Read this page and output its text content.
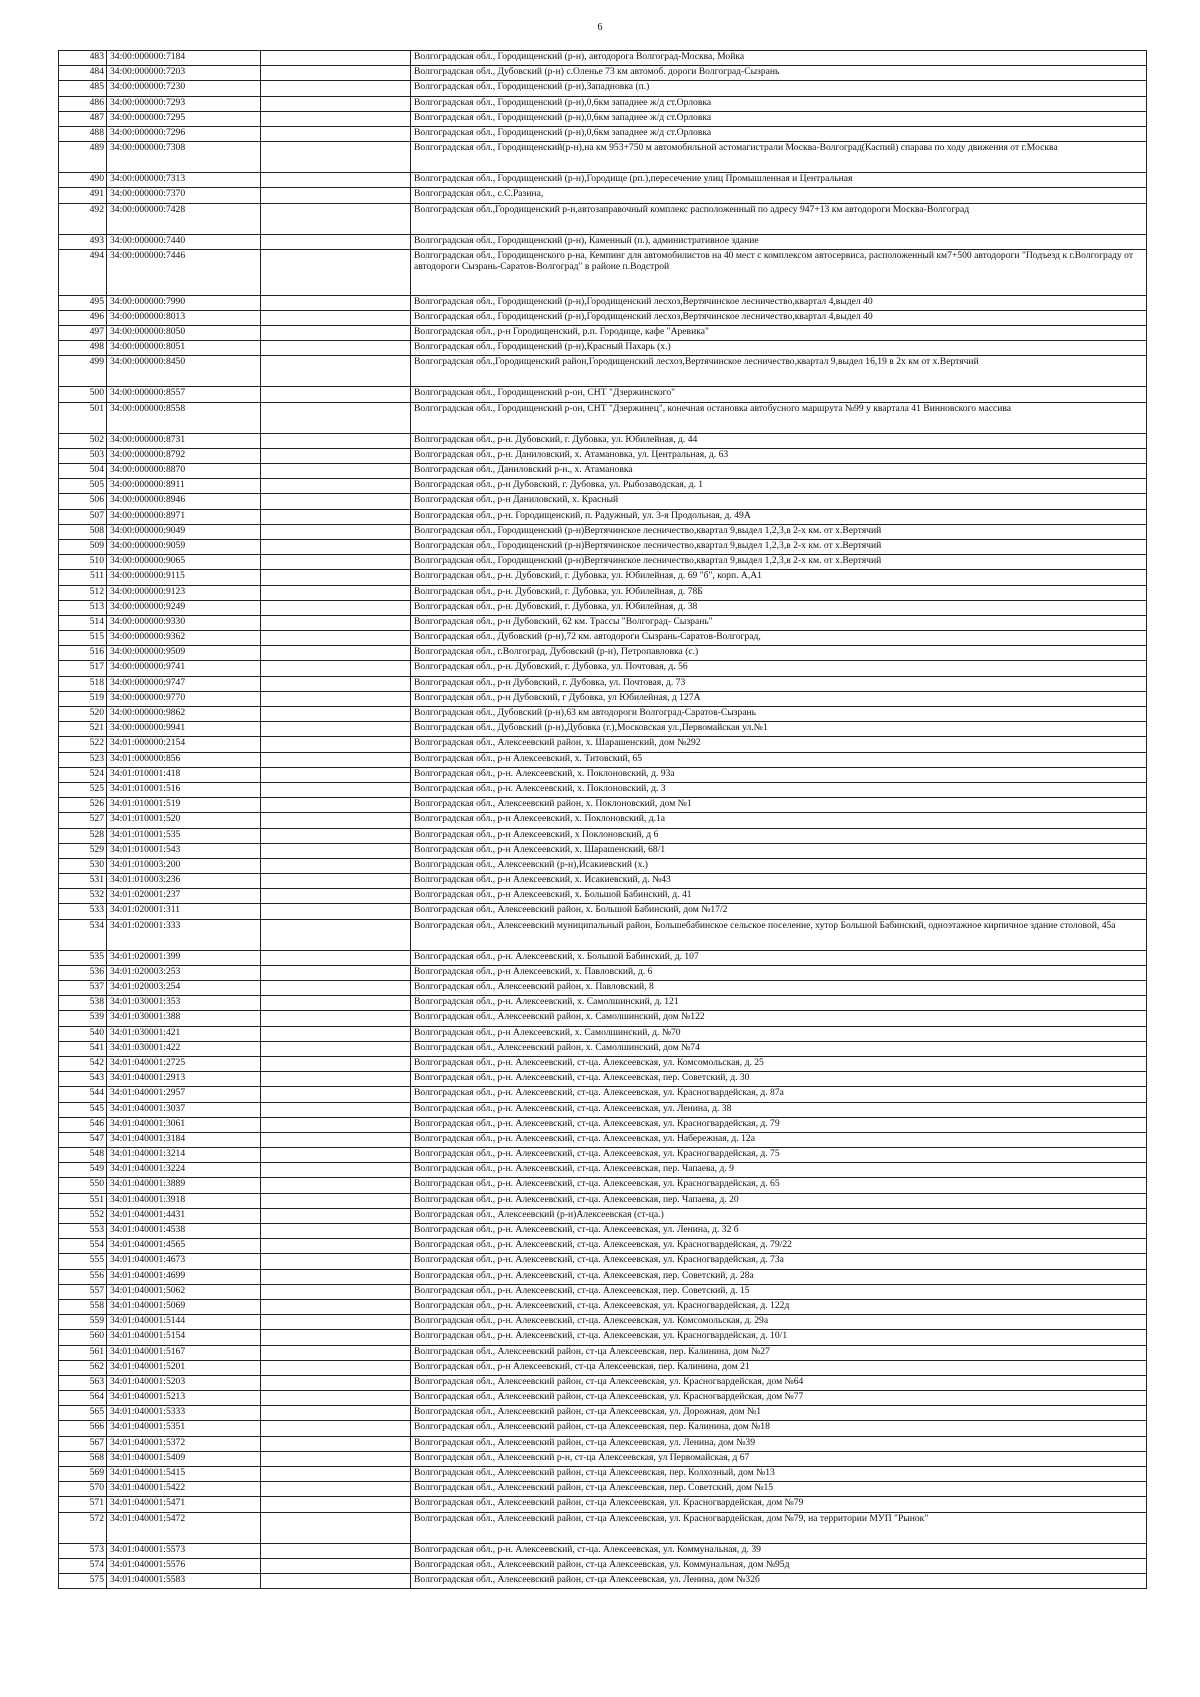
6
483	34:00:000000:7184		Волгоградская обл., Городищенский (р-н), автодорога Волгоград-Москва, Мойка
484	34:00:000000:7203		Волгоградская обл., Дубовский (р-н) с.Оленье 73 км автомоб. дороги Волгоград-Сызрань
485	34:00:000000:7230		Волгоградская обл., Городищенский (р-н),Западновка (п.)
486	34:00:000000:7293		Волгоградская обл., Городищенский (р-н),0,6км западнее ж/д ст.Орловка
487	34:00:000000:7295		Волгоградская обл., Городищенский (р-н),0,6км западнее ж/д ст.Орловка
488	34:00:000000:7296		Волгоградская обл., Городищенский (р-н),0,6км западнее ж/д ст.Орловка
489	34:00:000000:7308		Волгоградская обл., Городищенский(р-н),на км 953+750 м автомобильной астомагистрали Москва-Волгоград(Каспий) спарава по ходу движения от г.Москва
490	34:00:000000:7313		Волгоградская обл., Городищенский (р-н),Городище (рп.),пересечение улиц Промышленная и Центральная
491	34:00:000000:7370		Волгоградская обл., с.С.Разина,
492	34:00:000000:7428		Волгоградская обл.,Городищенский р-н,автозаправочный комплекс расположенный по адресу 947+13 км автодороги Москва-Волгоград
493	34:00:000000:7440		Волгоградская обл., Городищенский (р-н), Каменный (п.), административное здание
494	34:00:000000:7446		Волгоградская обл., Городищенского р-на, Кемпинг для автомобилистов на 40 мест с комплексом автосервиса, расположенный км7+500 автодороги "Подъезд к г.Волгограду от автодороги Сызрань-Саратов-Волгоград" в районе п.Водстрой
495	34:00:000000:7990		Волгоградская обл., Городищенский (р-н),Городищенский лесхоз,Вертячинское лесничество,квартал 4,выдел 40
496	34:00:000000:8013		Волгоградская обл., Городищенский (р-н),Городищенский лесхоз,Вертячинское лесничество,квартал 4,выдел 40
497	34:00:000000:8050		Волгоградская обл., р-н Городищенский, р.п. Городище, кафе "Аревика"
498	34:00:000000:8051		Волгоградская обл., Городищенский (р-н),Красный Пахарь (х.)
499	34:00:000000:8450		Волгоградская обл.,Городищенский район,Городищенский лесхоз,Вертячинское лесничество,квартал 9,выдел 16,19 в 2х км от х.Вертячий
500	34:00:000000:8557		Волгоградская обл., Городищенский р-он, СНТ "Дзержинского"
501	34:00:000000:8558		Волгоградская обл., Городищенский р-он, СНТ "Дзержинец", конечная остановка автобусного маршрута №99 у квартала 41 Винновского массива
502	34:00:000000:8731		Волгоградская обл., р-н. Дубовский, г. Дубовка, ул. Юбилейная, д. 44
503	34:00:000000:8792		Волгоградская обл., р-н. Даниловский, х. Атамановка, ул. Центральная, д. 63
504	34:00:000000:8870		Волгоградская обл., Даниловский р-н., х. Атамановка
505	34:00:000000:8911		Волгоградская обл., р-н Дубовский, г. Дубовка, ул. Рыбозаводская, д. 1
506	34:00:000000:8946		Волгоградская обл., р-н Даниловский, х. Красный
507	34:00:000000:8971		Волгоградская обл., р-н. Городищенский, п. Радужный, ул. 3-я Продольная, д. 49А
508	34:00:000000:9049		Волгоградская обл., Городищенский (р-н)Вертячинское лесничество,квартал 9,выдел 1,2,3,в 2-х км. от х.Вертячий
509	34:00:000000:9059		Волгоградская обл., Городищенский (р-н)Вертячинское лесничество,квартал 9,выдел 1,2,3,в 2-х км. от х.Вертячий
510	34:00:000000:9065		Волгоградская обл., Городищенский (р-н)Вертячинское лесничество,квартал 9,выдел 1,2,3,в 2-х км. от х.Вертячий
511	34:00:000000:9115		Волгоградская обл., р-н. Дубовский, г. Дубовка, ул. Юбилейная, д. 69 "б", корп. А,А1
512	34:00:000000:9123		Волгоградская обл., р-н. Дубовский, г. Дубовка, ул. Юбилейная, д. 78Б
513	34:00:000000:9249		Волгоградская обл., р-н. Дубовский, г. Дубовка, ул. Юбилейная, д. 38
514	34:00:000000:9330		Волгоградская обл., р-н Дубовский, 62 км. Трассы "Волгоград- Сызрань"
515	34:00:000000:9362		Волгоградская обл., Дубовский (р-н),72 км. автодороги Сызрань-Саратов-Волгоград,
516	34:00:000000:9509		Волгоградская обл., г.Волгоград, Дубовский (р-н), Петропавловка (с.)
517	34:00:000000:9741		Волгоградская обл., р-н. Дубовский, г. Дубовка, ул. Почтовая, д. 56
518	34:00:000000:9747		Волгоградская обл., р-н Дубовский, г. Дубовка, ул. Почтовая, д. 73
519	34:00:000000:9770		Волгоградская обл., р-н Дубовский, г Дубовка, ул Юбилейная, д 127А
520	34:00:000000:9862		Волгоградская обл., Дубовский (р-н),63 км автодороги Волгоград-Саратов-Сызрань
521	34:00:000000:9941		Волгоградская обл., Дубовский (р-н),Дубовка (г.),Московская ул.,Первомайская ул.№1
522	34:01:000000:2154		Волгоградская обл., Алексеевский район, х. Шарашенский, дом №292
523	34:01:000000:856		Волгоградская обл., р-н Алексеевский, х. Титовский, 65
524	34:01:010001:418		Волгоградская обл., р-н. Алексеевский, х. Поклоновский, д. 93а
525	34:01:010001:516		Волгоградская обл., р-н. Алексеевский, х. Поклоновский, д. 3
526	34:01:010001:519		Волгоградская обл., Алексеевский район, х. Поклоновский, дом №1
527	34:01:010001:520		Волгоградская обл., р-н Алексеевский, х. Поклоновский, д.1а
528	34:01:010001:535		Волгоградская обл., р-н Алексеевский, х Поклоновский, д 6
529	34:01:010001:543		Волгоградская обл., р-н Алексеевский, х. Шарашенский, 68/1
530	34:01:010003:200		Волгоградская обл., Алексеевский (р-н),Исакиевский (х.)
531	34:01:010003:236		Волгоградская обл., р-н Алексеевский, х. Исакиевский, д. №43
532	34:01:020001:237		Волгоградская обл., р-н Алексеевский, х. Большой Бабинский, д. 41
533	34:01:020001:311		Волгоградская обл., Алексеевский район, х. Большой Бабинский, дом №17/2
534	34:01:020001:333		Волгоградская обл., Алексеевский муниципальный район, Большебабинское сельское поселение, хутор Большой Бабинский, одноэтажное кирпичное здание столовой, 45а
535	34:01:020001:399		Волгоградская обл., р-н. Алексеевский, х. Большой Бабинский, д. 107
536	34:01:020003:253		Волгоградская обл., р-н Алексеевский, х. Павловский, д. 6
537	34:01:020003:254		Волгоградская обл., Алексеевский район, х. Павловский, 8
538	34:01:030001:353		Волгоградская обл., р-н. Алексеевский, х. Самолшинский, д. 121
539	34:01:030001:388		Волгоградская обл., Алексеевский район, х. Самолшинский, дом №122
540	34:01:030001:421		Волгоградская обл., р-н Алексеевский, х. Самолшинский, д. №70
541	34:01:030001:422		Волгоградская обл., Алексеевский район, х. Самолшинский, дом №74
542	34:01:040001:2725		Волгоградская обл., р-н. Алексеевский, ст-ца. Алексеевская, ул. Комсомольская, д. 25
543	34:01:040001:2913		Волгоградская обл., р-н. Алексеевский, ст-ца. Алексеевская, пер. Советский, д. 30
544	34:01:040001:2957		Волгоградская обл., р-н. Алексеевский, ст-ца. Алексеевская, ул. Красногвардейская, д. 87а
545	34:01:040001:3037		Волгоградская обл., р-н. Алексеевский, ст-ца. Алексеевская, ул. Ленина, д. 38
546	34:01:040001:3061		Волгоградская обл., р-н. Алексеевский, ст-ца. Алексеевская, ул. Красногвардейская, д. 79
547	34:01:040001:3184		Волгоградская обл., р-н. Алексеевский, ст-ца. Алексеевская, ул. Набережная, д. 12а
548	34:01:040001:3214		Волгоградская обл., р-н. Алексеевский, ст-ца. Алексеевская, ул. Красногвардейская, д. 75
549	34:01:040001:3224		Волгоградская обл., р-н. Алексеевский, ст-ца. Алексеевская, пер. Чапаева, д. 9
550	34:01:040001:3889		Волгоградская обл., р-н. Алексеевский, ст-ца. Алексеевская, ул. Красногвардейская, д. 65
551	34:01:040001:3918		Волгоградская обл., р-н. Алексеевский, ст-ца. Алексеевская, пер. Чапаева, д. 20
552	34:01:040001:4431		Волгоградская обл., Алексеевский (р-н)Алексеевская (ст-ца.)
553	34:01:040001:4538		Волгоградская обл., р-н. Алексеевский, ст-ца. Алексеевская, ул. Ленина, д. 32 б
554	34:01:040001:4565		Волгоградская обл., р-н. Алексеевский, ст-ца. Алексеевская, ул. Красногвардейская, д. 79/22
555	34:01:040001:4673		Волгоградская обл., р-н. Алексеевский, ст-ца. Алексеевская, ул. Красногвардейская, д. 73а
556	34:01:040001:4699		Волгоградская обл., р-н. Алексеевский, ст-ца. Алексеевская, пер. Советский, д. 28а
557	34:01:040001:5062		Волгоградская обл., р-н. Алексеевский, ст-ца. Алексеевская, пер. Советский, д. 15
558	34:01:040001:5069		Волгоградская обл., р-н. Алексеевский, ст-ца. Алексеевская, ул. Красногвардейская, д. 122д
559	34:01:040001:5144		Волгоградская обл., р-н. Алексеевский, ст-ца. Алексеевская, ул. Комсомольская, д. 29а
560	34:01:040001:5154		Волгоградская обл., р-н. Алексеевский, ст-ца. Алексеевская, ул. Красногвардейская, д. 10/1
561	34:01:040001:5167		Волгоградская обл., Алексеевский район, ст-ца Алексеевская, пер. Калинина, дом №27
562	34:01:040001:5201		Волгоградская обл., р-н Алексеевский, ст-ца Алексеевская, пер. Калинина, дом 21
563	34:01:040001:5203		Волгоградская обл., Алексеевский район, ст-ца Алексеевская, ул. Красногвардейская, дом №64
564	34:01:040001:5213		Волгоградская обл., Алексеевский район, ст-ца Алексеевская, ул. Красногвардейская, дом №77
565	34:01:040001:5333		Волгоградская обл., Алексеевский район, ст-ца Алексеевская, ул. Дорожная, дом №1
566	34:01:040001:5351		Волгоградская обл., Алексеевский район, ст-ца Алексеевская, пер. Калинина, дом №18
567	34:01:040001:5372		Волгоградская обл., Алексеевский район, ст-ца Алексеевская, ул. Ленина, дом №39
568	34:01:040001:5409		Волгоградская обл., Алексеевский р-н, ст-ца Алексеевская, ул Первомайская, д 67
569	34:01:040001:5415		Волгоградская обл., Алексеевский район, ст-ца Алексеевская, пер. Колхозный, дом №13
570	34:01:040001:5422		Волгоградская обл., Алексеевский район, ст-ца Алексеевская, пер. Советский, дом №15
571	34:01:040001:5471		Волгоградская обл., Алексеевский район, ст-ца Алексеевская, ул. Красногвардейская, дом №79
572	34:01:040001:5472		Волгоградская обл., Алексеевский район, ст-ца Алексеевская, ул. Красногвардейская, дом №79, на территории МУП "Рынок"
573	34:01:040001:5573		Волгоградская обл., р-н. Алексеевский, ст-ца. Алексеевская, ул. Коммунальная, д. 39
574	34:01:040001:5576		Волгоградская обл., Алексеевский район, ст-ца Алексеевская, ул. Коммунальная, дом №95д
575	34:01:040001:5583		Волгоградская обл., Алексеевский район, ст-ца Алексеевская, ул. Ленина, дом №32б
